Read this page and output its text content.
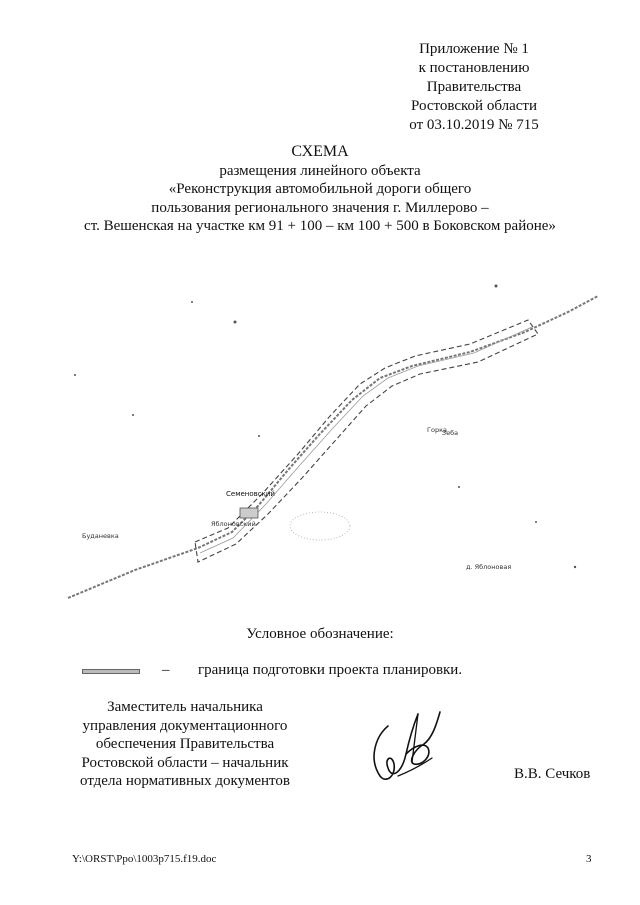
Приложение № 1
к постановлению
Правительства
Ростовской области
от 03.10.2019 № 715
СХЕМА
размещения линейного объекта
«Реконструкция автомобильной дороги общего
пользования регионального значения г. Миллерово –
ст. Вешенская на участке км 91 + 100 – км 100 + 500 в Боковском районе»
Семеновский
Яблоновский
Буданевка
Горка
Зеба
д. Яблоновая
Условное обозначение:
– граница подготовки проекта планировки.
Заместитель начальника
управления документационного
обеспечения Правительства
Ростовской области – начальник
отдела нормативных документов	В.В. Сечков
Y:\ORST\Ppo\1003p715.f19.doc	3
